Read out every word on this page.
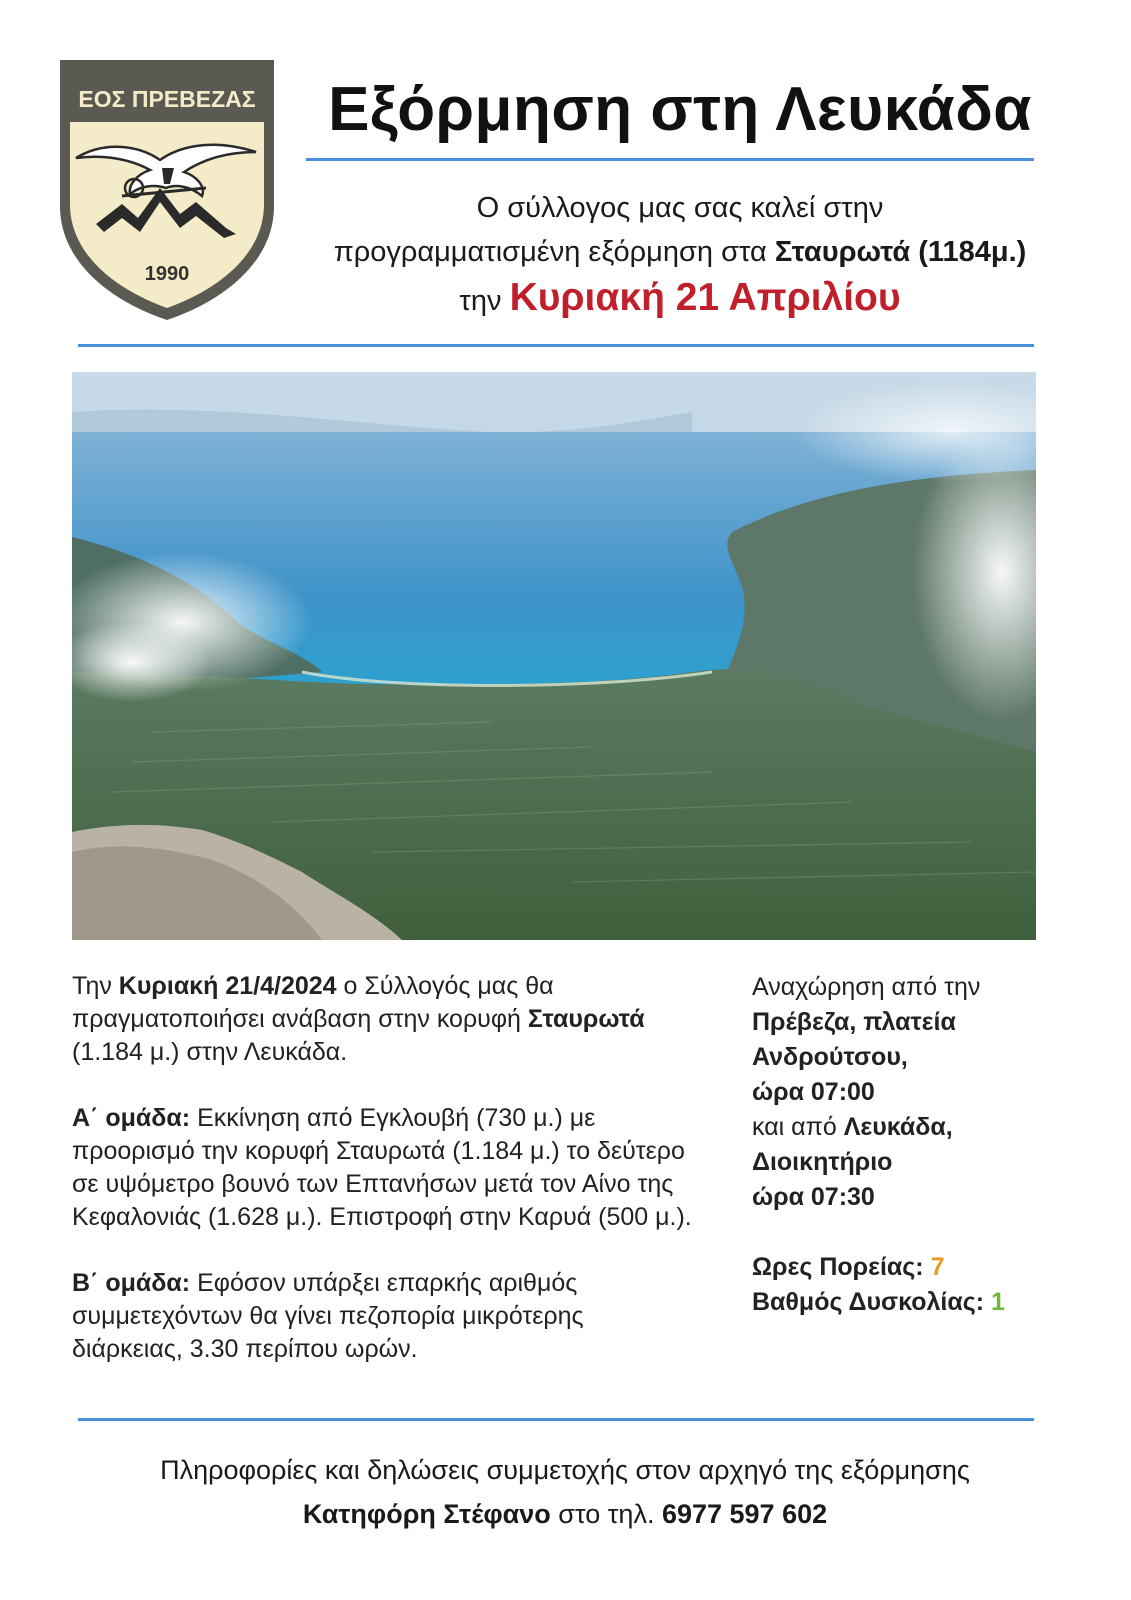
ΕΟΣ ΠΡΕΒΕΖΑΣ
1990
Εξόρμηση στη Λευκάδα
Ο σύλλογος μας σας καλεί στην
προγραμματισμένη εξόρμηση στα Σταυρωτά (1184μ.)
την Κυριακή 21 Απριλίου

Την Κυριακή 21/4/2024 ο Σύλλογός μας θα πραγματοποιήσει ανάβαση στην κορυφή Σταυρωτά (1.184 μ.) στην Λευκάδα.

Α΄ ομάδα: Εκκίνηση από Εγκλουβή (730 μ.) με προορισμό την κορυφή Σταυρωτά (1.184 μ.) το δεύτερο σε υψόμετρο βουνό των Επτανήσων μετά τον Αίνο της Κεφαλονιάς (1.628 μ.). Επιστροφή στην Καρυά (500 μ.).

Β΄ ομάδα: Εφόσον υπάρξει επαρκής αριθμός συμμετεχόντων θα γίνει πεζοπορία μικρότερης διάρκειας, 3.30 περίπου ωρών.

Αναχώρηση από την
Πρέβεζα, πλατεία
Ανδρούτσου,
ώρα 07:00
και από Λευκάδα,
Διοικητήριο
ώρα 07:30
Ωρες Πορείας: 7
Βαθμός Δυσκολίας: 1
Πληροφορίες και δηλώσεις συμμετοχής στον αρχηγό της εξόρμησης
Κατηφόρη Στέφανο στο τηλ. 6977 597 602
